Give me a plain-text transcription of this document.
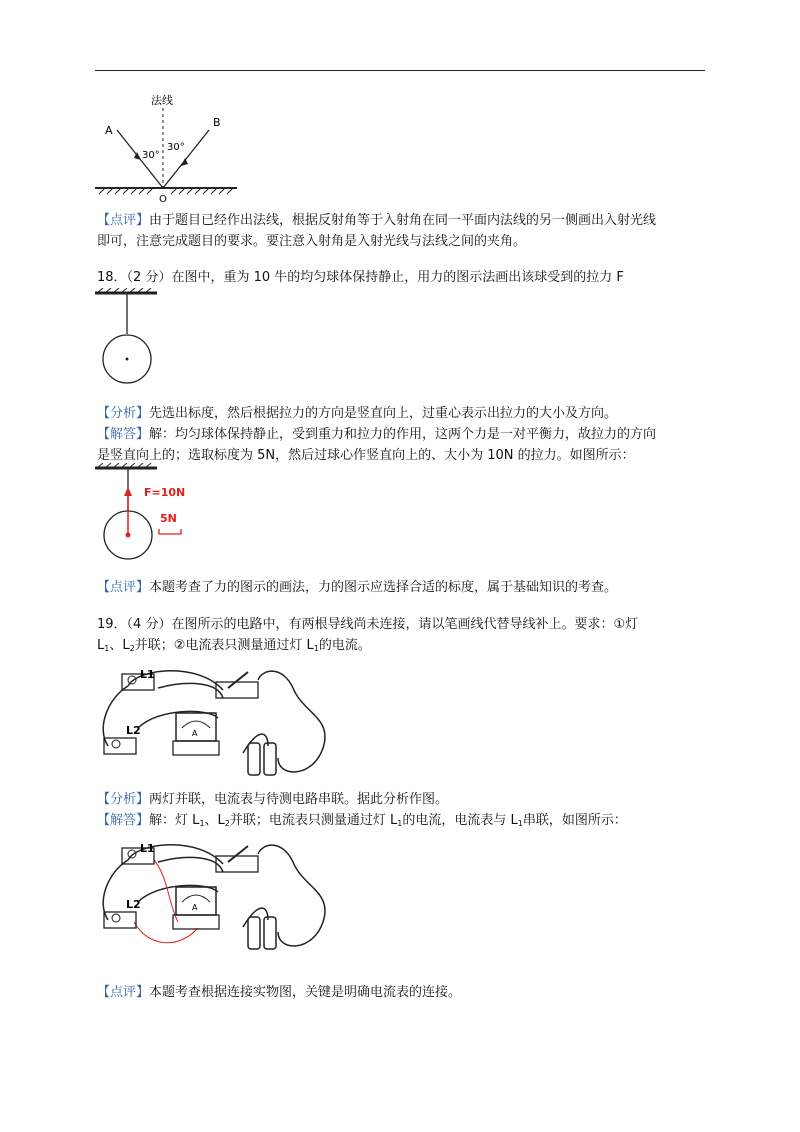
法线
A
B
30°
30°
O
【点评】由于题目已经作出法线，根据反射角等于入射角在同一平面内法线的另一侧画出入射光线
即可，注意完成题目的要求。要注意入射角是入射光线与法线之间的夹角。
18．（2 分）在图中，重为 10 牛的均匀球体保持静止，用力的图示法画出该球受到的拉力 F
【分析】先选出标度，然后根据拉力的方向是竖直向上，过重心表示出拉力的大小及方向。
【解答】解：均匀球体保持静止，受到重力和拉力的作用，这两个力是一对平衡力，故拉力的方向
是竖直向上的；选取标度为 5N，然后过球心作竖直向上的、大小为 10N 的拉力。如图所示：
F=10N
5N
【点评】本题考查了力的图示的画法，力的图示应选择合适的标度，属于基础知识的考查。
19．（4 分）在图所示的电路中，有两根导线尚未连接，请以笔画线代替导线补上。要求：①灯
$L_1$、$L_2$并联；②电流表只测量通过灯 $L_1$的电流。
L1
L2	A
【分析】两灯并联，电流表与待测电路串联。据此分析作图。
【解答】解：灯 $L_1$、$L_2$并联；电流表只测量通过灯 $L_1$的电流，电流表与 $L_1$串联，如图所示：
L1
L2	A
【点评】本题考查根据连接实物图，关键是明确电流表的连接。
